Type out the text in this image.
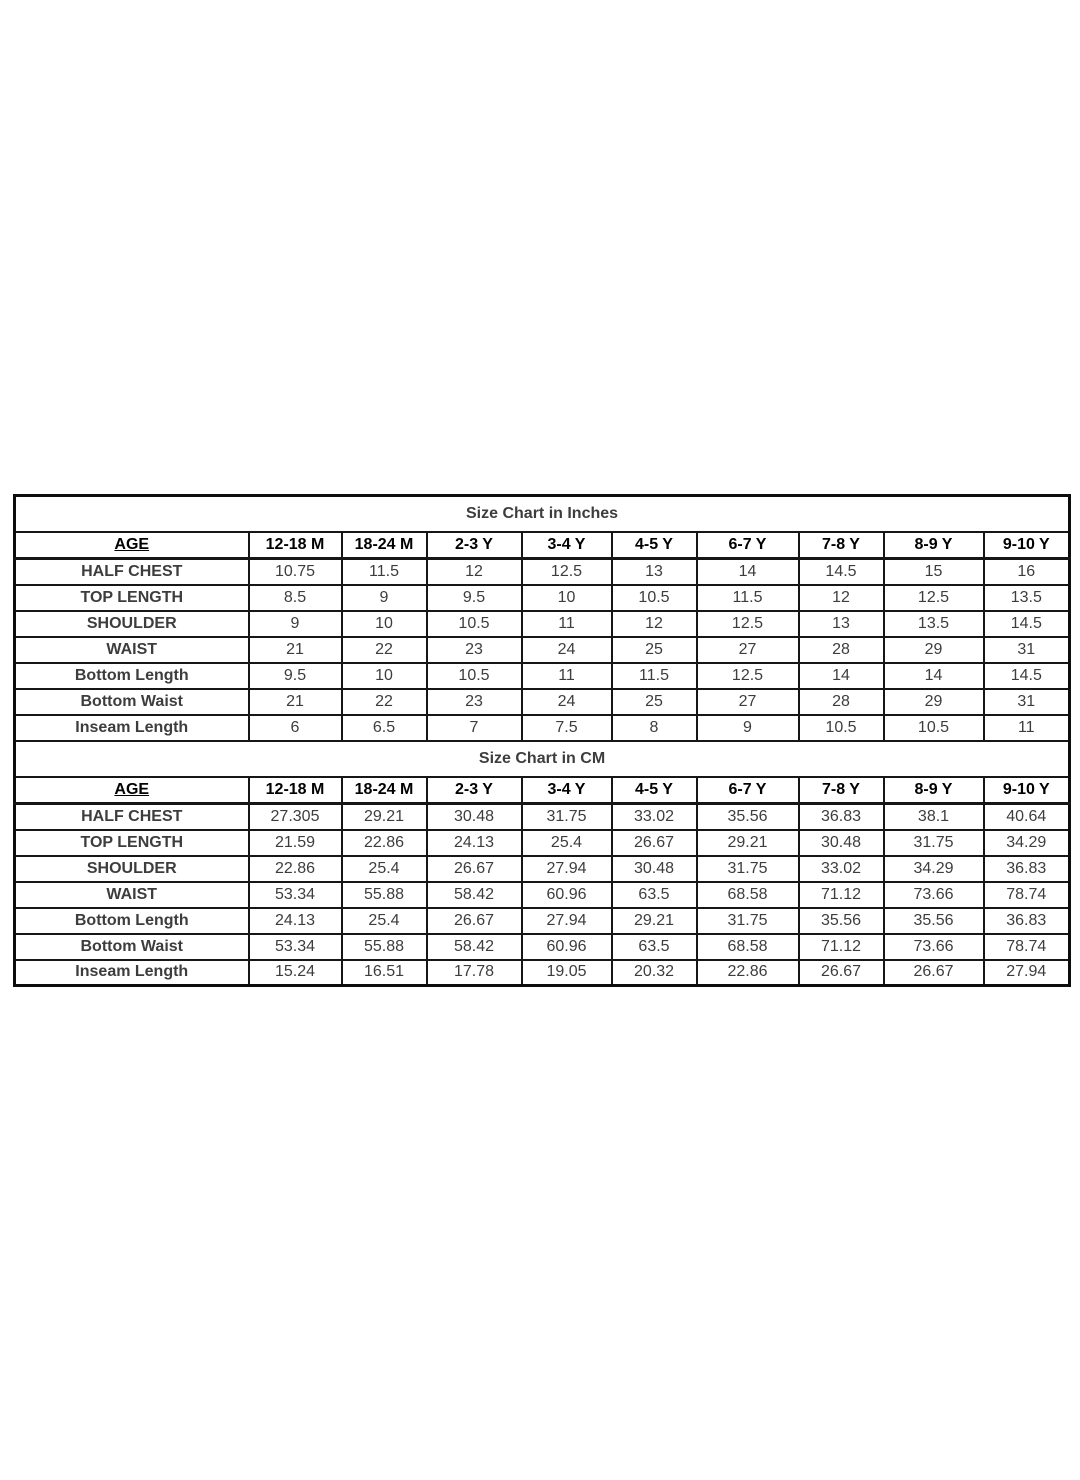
Size Chart in Inches									
AGE	12-18 M	18-24 M	2-3 Y	3-4 Y	4-5 Y	6-7 Y	7-8 Y	8-9 Y	9-10 Y
HALF CHEST	10.75	11.5	12	12.5	13	14	14.5	15	16
TOP LENGTH	8.5	9	9.5	10	10.5	11.5	12	12.5	13.5
SHOULDER	9	10	10.5	11	12	12.5	13	13.5	14.5
WAIST	21	22	23	24	25	27	28	29	31
Bottom Length	9.5	10	10.5	11	11.5	12.5	14	14	14.5
Bottom Waist	21	22	23	24	25	27	28	29	31
Inseam Length	6	6.5	7	7.5	8	9	10.5	10.5	11
Size Chart in CM									
AGE	12-18 M	18-24 M	2-3 Y	3-4 Y	4-5 Y	6-7 Y	7-8 Y	8-9 Y	9-10 Y
HALF CHEST	27.305	29.21	30.48	31.75	33.02	35.56	36.83	38.1	40.64
TOP LENGTH	21.59	22.86	24.13	25.4	26.67	29.21	30.48	31.75	34.29
SHOULDER	22.86	25.4	26.67	27.94	30.48	31.75	33.02	34.29	36.83
WAIST	53.34	55.88	58.42	60.96	63.5	68.58	71.12	73.66	78.74
Bottom Length	24.13	25.4	26.67	27.94	29.21	31.75	35.56	35.56	36.83
Bottom Waist	53.34	55.88	58.42	60.96	63.5	68.58	71.12	73.66	78.74
Inseam Length	15.24	16.51	17.78	19.05	20.32	22.86	26.67	26.67	27.94
